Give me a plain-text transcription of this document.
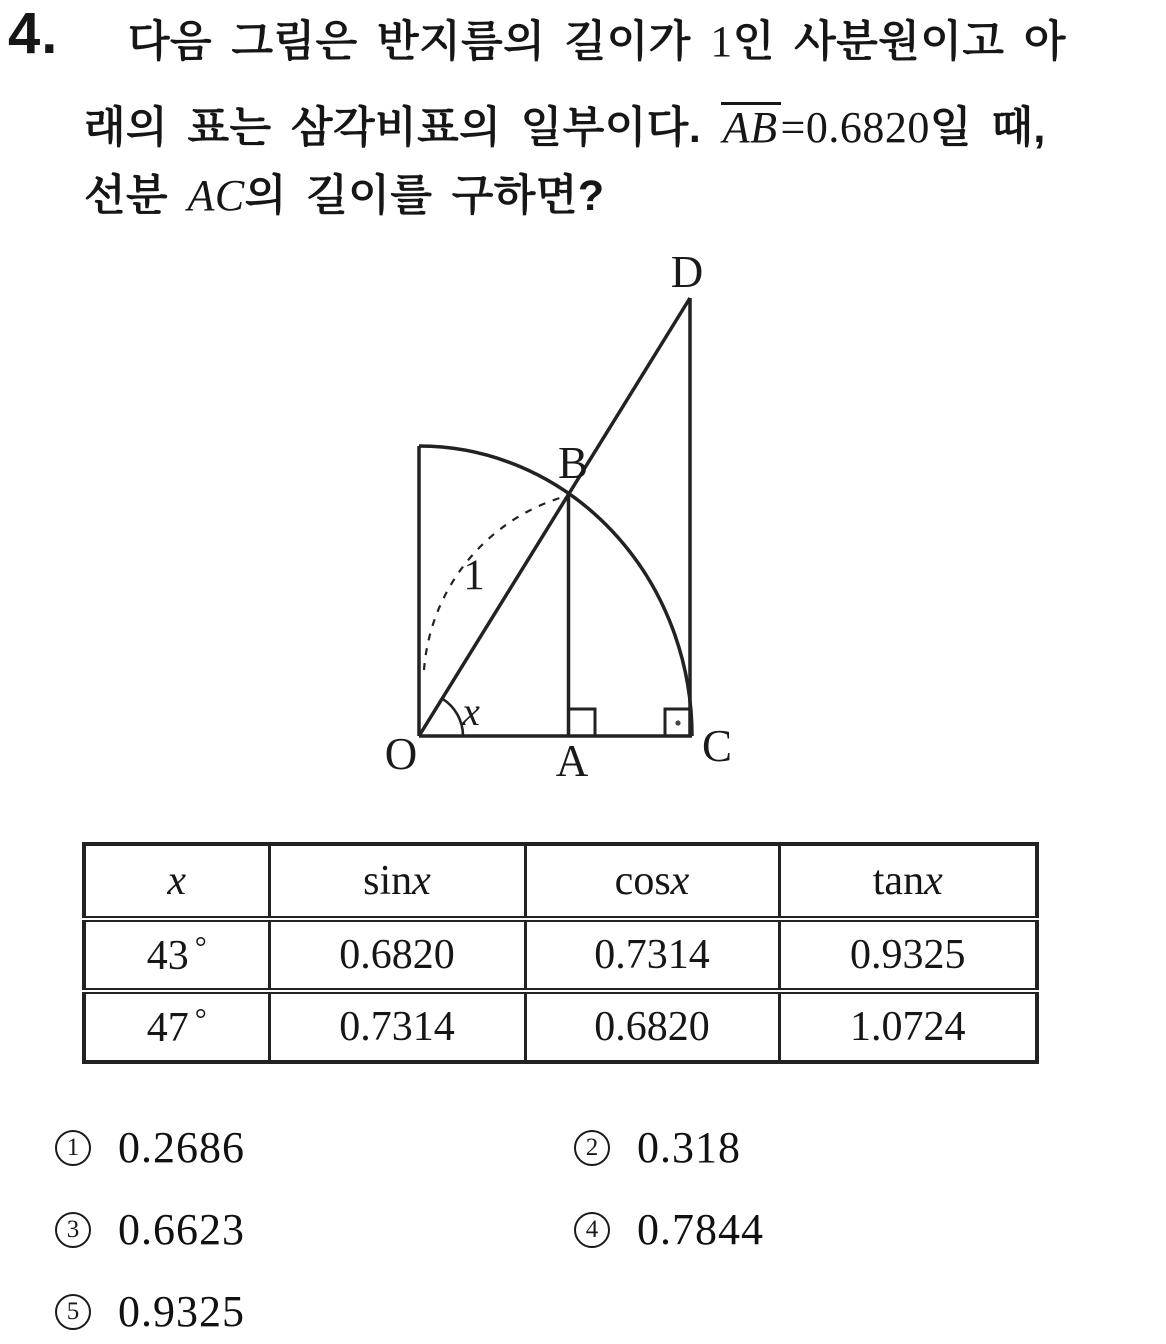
4. 다음 그림은 반지름의 길이가 1인 사분원이고 아
래의 표는 삼각비표의 일부이다. AB=0.6820일 때,
선분 AC의 길이를 구하면?
O	A
B
C
D
1
x
x	sinx	cosx	tanx
43 °	0.6820	0.7314	0.9325
47 °	0.7314	0.6820	1.0724
1 0.2686	2 0.318
3 0.6623	4 0.7844
5 0.9325
